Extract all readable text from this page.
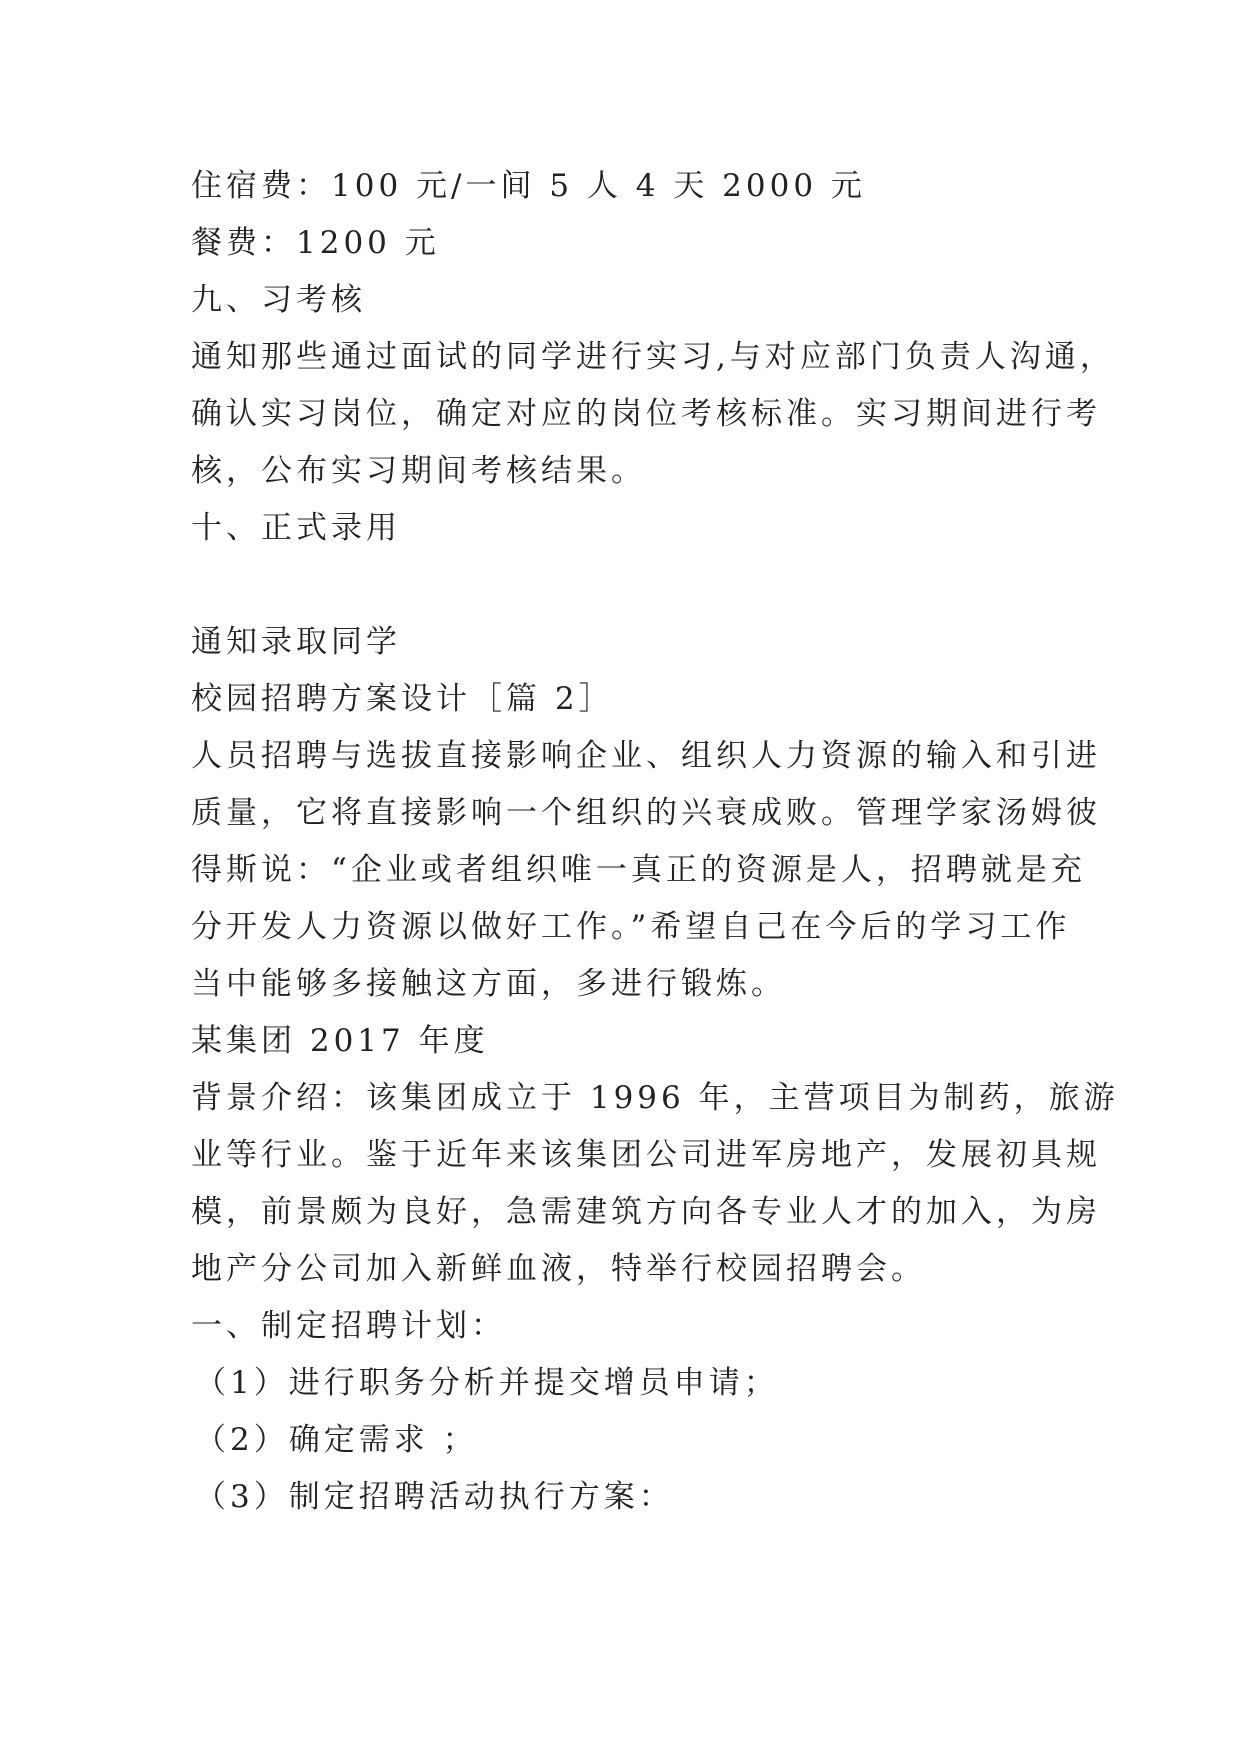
住宿费：100 元/一间 5 人 4 天 2000 元
餐费：1200 元
九、习考核
通知那些通过面试的同学进行实习,与对应部门负责人沟通，
确认实习岗位，确定对应的岗位考核标准。实习期间进行考
核，公布实习期间考核结果。
十、正式录用
通知录取同学
校园招聘方案设计［篇 2］
人员招聘与选拔直接影响企业、组织人力资源的输入和引进
质量，它将直接影响一个组织的兴衰成败。管理学家汤姆彼
得斯说：“企业或者组织唯一真正的资源是人，招聘就是充
分开发人力资源以做好工作。”希望自己在今后的学习工作
当中能够多接触这方面，多进行锻炼。
某集团 2017 年度
背景介绍：该集团成立于 1996 年，主营项目为制药，旅游
业等行业。鉴于近年来该集团公司进军房地产，发展初具规
模，前景颇为良好，急需建筑方向各专业人才的加入，为房
地产分公司加入新鲜血液，特举行校园招聘会。
一、制定招聘计划：
（1）进行职务分析并提交增员申请；
（2）确定需求 ；
（3）制定招聘活动执行方案：
